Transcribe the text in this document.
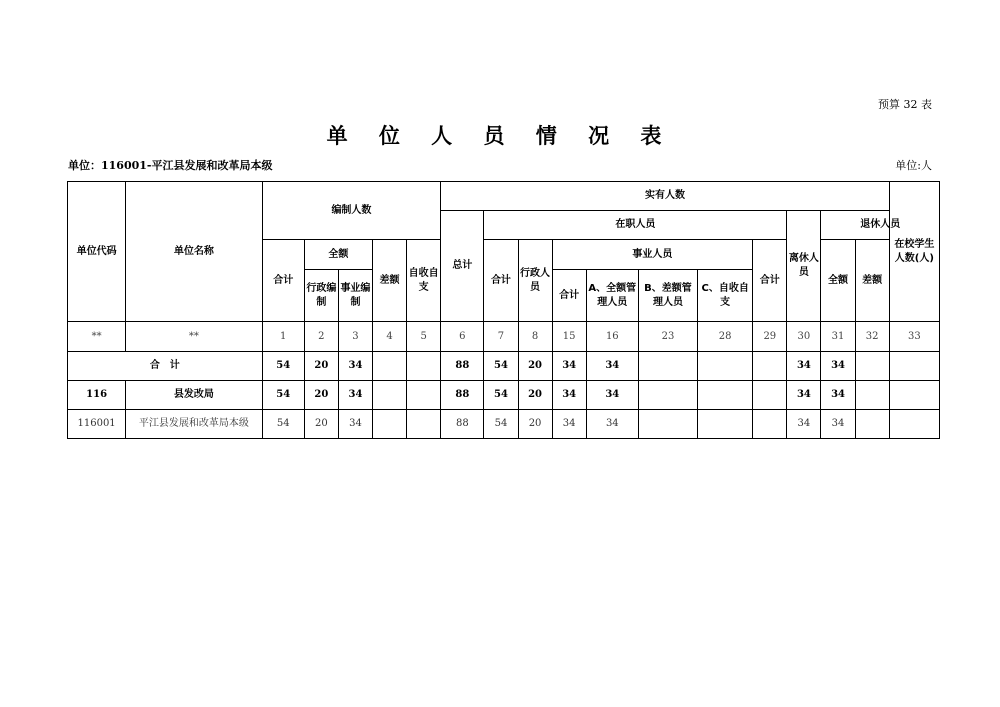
预算 32 表
单 位 人 员 情 况 表
单位：116001-平江县发展和改革局本级	单位:人
单位代码	单位名称	编制人数					实有人数											在校学生人数(人)
							总计	在职人员							离休人员	退休人员		
		合计	全额		差额	自收自支		合计	行政人员	事业人员				合计		全额	差额	
			行政编制	事业编制						合计	A、全额管理人员	B、差额管理人员	C、自收自支					

**	**	1	2	3	4	5	6	7	8	15	16	23	28	29	30	31	32	33
合　计		54	20	34			88	54	20	34	34				34	34		
116	县发改局	54	20	34			88	54	20	34	34				34	34		
116001	平江县发展和改革局本级	54	20	34			88	54	20	34	34				34	34		
